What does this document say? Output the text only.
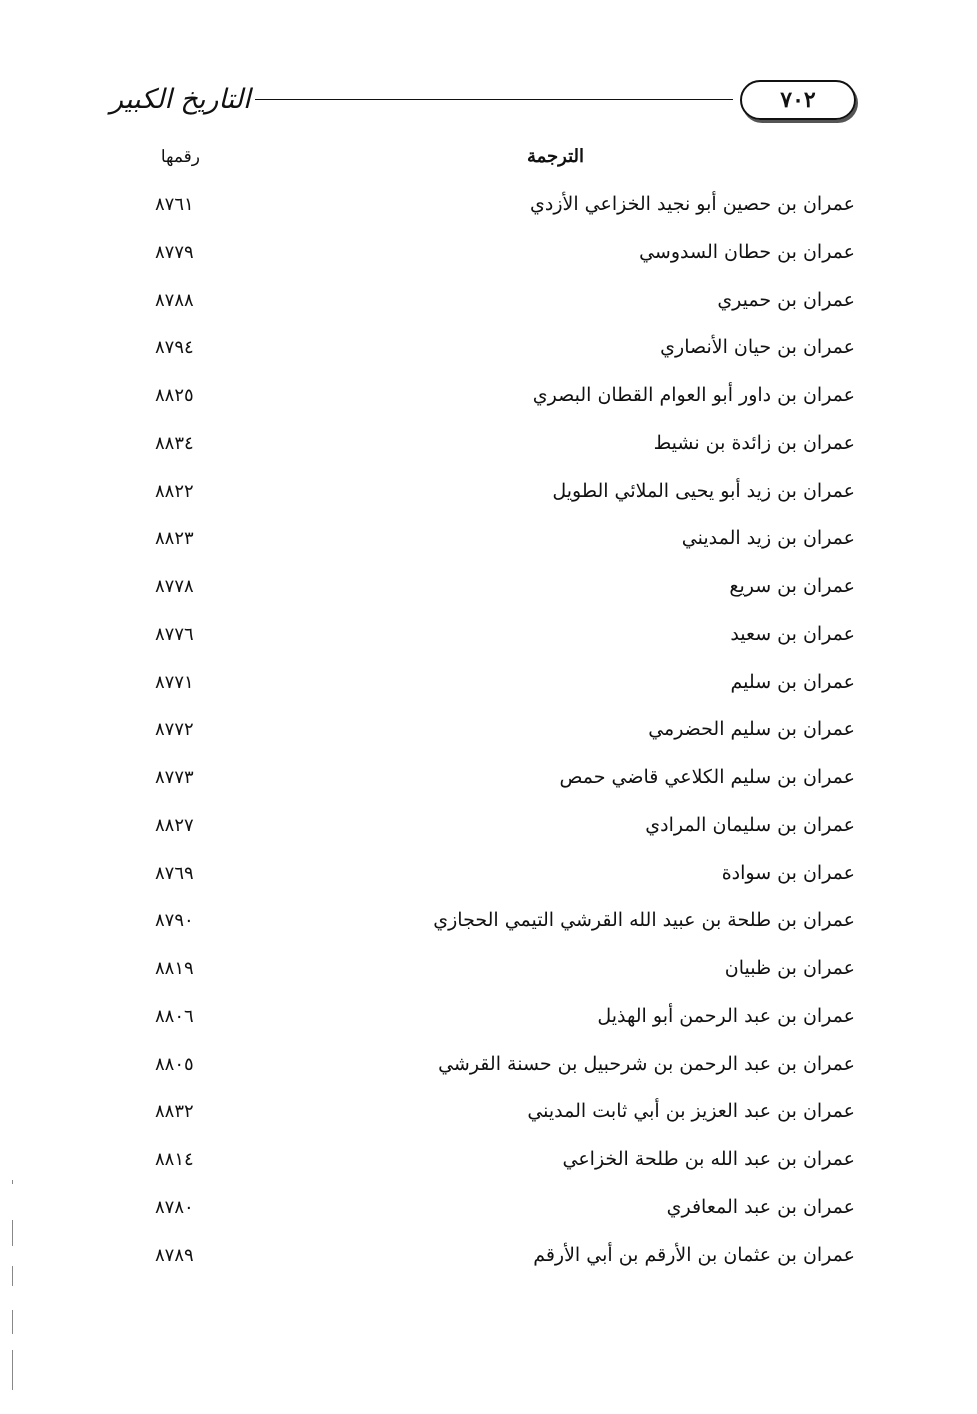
التاريخ الكبير	٧٠٢
الترجمة
رقمها
عمران بن حصين أبو نجيد الخزاعي الأزدي
٨٧٦١
عمران بن حطان السدوسي
٨٧٧٩
عمران بن حميري
٨٧٨٨
عمران بن حيان الأنصاري
٨٧٩٤
عمران بن داور أبو العوام القطان البصري
٨٨٢٥
عمران بن زائدة بن نشيط
٨٨٣٤
عمران بن زيد أبو يحيى الملائي الطويل
٨٨٢٢
عمران بن زيد المديني
٨٨٢٣
عمران بن سريع
٨٧٧٨
عمران بن سعيد
٨٧٧٦
عمران بن سليم
٨٧٧١
عمران بن سليم الحضرمي
٨٧٧٢
عمران بن سليم الكلاعي قاضي حمص
٨٧٧٣
عمران بن سليمان المرادي
٨٨٢٧
عمران بن سوادة
٨٧٦٩
عمران بن طلحة بن عبيد الله القرشي التيمي الحجازي
٨٧٩٠
عمران بن ظبيان
٨٨١٩
عمران بن عبد الرحمن أبو الهذيل
٨٨٠٦
عمران بن عبد الرحمن بن شرحبيل بن حسنة القرشي
٨٨٠٥
عمران بن عبد العزيز بن أبي ثابت المديني
٨٨٣٢
عمران بن عبد الله بن طلحة الخزاعي
٨٨١٤
عمران بن عبد المعافري
٨٧٨٠
عمران بن عثمان بن الأرقم بن أبي الأرقم
٨٧٨٩
